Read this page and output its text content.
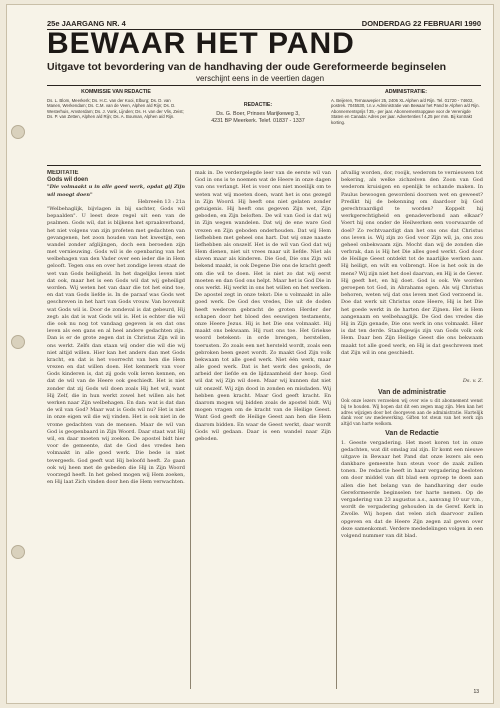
25e JAARGANG NR. 4	DONDERDAG 22 FEBRUARI 1990
BEWAAR HET PAND
Uitgave tot bevordering van de handhaving der oude Gereformeerde beginselen
verschijnt eens in de veertien dagen
KOMMISSIE VAN REDACTIE
Ds. L. Blom, Meerkerk; Ds. H.C. van der Kooi, Elburg; Ds. D. van Manen, Werkendam; Ds. C.M. van de Veen, Alphen a/d Rijn; Ds. D. Westerhuis, Amsterdam; Ds. J. Vonk, Lijnden; Ds. H. van der Vlis, Zeist; Ds. P. van Zetten, Alphen a/d Rijn; Ds. A. Bouman, Alphen a/d Rijn.
REDACTIE:
Ds. G. Boer, Prinses Marijkeweg 3,
4231 BP Meerkerk. Telef. 01837 - 1337
ADMINISTRATIE:
A. Beijeren, Ternauwepier 25, 2406 XL Alphen a/d Rijn. Tel. 01720 - 74602, postrek. 7045530, t.n.v. Administratie van Bewaar het Pand te Alphen a/d Rijn. Abonnementsprijs f 35,- per jaar. Abonnementsopgave voor de Verenigde Staten en Canada: Adres per jaar. Advertenties f 4,25 per mm. Bij kontrakt korting.
MEDITATIE
Gods wil doen

"Die volmaakt u in alle goed werk, opdat gij Zijn wil moogt doen"

Hebreeën 13 : 21a

"Welbehaglijk, bijvlagen in bij sachter, Gods wil bepaalden". U leest deze regel uit een van de psalmen. Gods wil, dat is blijkens het spraakverband, het niet volgens van zijn profeten met gedachten van gevangenen, het zoon houden van het kwestijn, een wandel zonder afglijingen, doch een beroeden zijn met vernieuwing. Gods wil is de openbaring van het welbehagen van den Vader over een ieder die in Hem gelooft. Tegen ons en over het zondige leven staat de wet van Gods heiligheid. In het dagelijks leven niet dat ook, maar het is een Gods wil dat wij geheiligd worden. Wij weten het van daar die tot het eind toe, en dat van Gods liefde is. In de paraaf was Gods wet geschreven in het hart van Gods vrouw. Van bovenuit wat Gods wil is. Door de zondeval is dat gebeurd, Hij zegt: als dat is wat Gods wil is. Het is echter die wil die ook nu nog tot vandaag gegeven is en dat ons leven als een gans en al heel andere gedachten zijn. Dan is er de grote zegen dat in Christus Zijn wil in ons werkt. Zelfs dan staan wij onder die wil die wij niet altijd willen. Hier kan het anders dan met Gods kracht, en dat is het voorrecht van hen die Hem vrezen en dat willen doen. Het kenmerk van voor Gods kinderen is, dat zij gods volk leren kennen, en dat de wil van de Heere ook geschiedt. Het is niet zonder dat zij Gods wil doen zoals Hij het wil, want Hij Zelf, die in hun werkt zowel het willen als het werken naar Zijn welbehagen. En dan: wat is dat dan de wil van God? Maar wat is Gods wil nu? Het is niet in onze eigen wil die wij vinden. Het is ook niet in de vrome gedachten van de mensen. Maar de wil van God is geopenbaard in Zijn Woord. Daar staat wat Hij wil, en daar moeten wij zoeken. De apostel bidt hier voor de gemeente, dat de God des vredes hen volmaakt in alle goed werk. Die bede is niet tevergeefs. God geeft wat Hij beloofd heeft. Zo gaan ook wij heen met de gebeden die Hij in Zijn Woord voorzegd heeft. In het gebed mogen wij Hem zoeken, en Hij laat Zich vinden door hen die Hem verwachten.

mak in. De verdergelegde leer van de eerste wil van God in ons is te noemen wat de Heere in onze dagen van ons verlangt. Het is voor ons niet moeilijk om te weten wat wij moeten doen, want het is ons gezegd in Zijn Woord. Hij heeft ons niet gelaten zonder getuigenis. Hij heeft ons gegeven Zijn wet, Zijn geboden, en Zijn beloften. De wil van God is dat wij in Zijn wegen wandelen. Dat wij de ene ware God vrezen en Zijn geboden onderhouden. Dat wij Hem liefhebben met geheel ons hart. Dat wij onze naaste liefhebben als onszelf. Het is de wil van God dat wij Hem dienen, niet uit vrees maar uit liefde. Niet als slaven maar als kinderen. Die God, Die ons Zijn wil bekend maakt, is ook Degene Die ons de kracht geeft om die wil te doen. Het is niet zo dat wij eerst moeten en dan God ons helpt. Maar het is God Die in ons werkt. Hij werkt in ons het willen en het werken. De apostel zegt in onze tekst: Die u volmaakt in alle goed werk. De God des vredes, Die uit de doden heeft wederom gebracht de groten Herder der schapen door het bloed des eeuwigen testaments, onze Heere Jezus. Hij is het Die ons volmaakt. Hij maakt ons bekwaam. Hij rust ons toe. Het Griekse woord betekent: in orde brengen, herstellen, toerusten. Zo zoals een net hersteld wordt, zoals een gebroken been gezet wordt. Zo maakt God Zijn volk bekwaam tot alle goed werk. Niet één werk, maar alle goed werk. Dat is het werk des geloofs, de arbeid der liefde en de lijdzaamheid der hoop. God wil dat wij Zijn wil doen. Maar wij kunnen dat niet uit onszelf. Wij zijn dood in zonden en misdaden. Wij hebben geen kracht. Maar God geeft kracht. En daarom mogen wij bidden zoals de apostel bidt. Wij mogen vragen om de kracht van de Heilige Geest. Want God geeft de Heilige Geest aan hen die Hem daarom bidden. En waar de Geest werkt, daar wordt Gods wil gedaan. Daar is een wandel naar Zijn geboden.

afvallig worden, dor, rooijk, wederom te vernieuwen tot bekering, als welke zichzelven den Zoon van God wederom kruisigen en openlijk te schande maken. In Paulus bewoogen gewordeni doorsen wet en geweest? Predikt hij de bekenning om daardoor bij God gerechtvaardigd te worden? Koppelt hij werkgerechtigheid en genadeverbond aan elkaar? Voert hij ons onder de Heilwerken een voorwaarde of doel? Zo rechtvaardigt dan het ons ons dat Christus ons leven is. Wij zijn zo God voor Zijn wil, ja, ons zou geheel onbekwaam zijn. Mocht dan wij de zonden die verbrak, dan is Hij het Die alles goed werkt. God door de Heilige Geest ontdekt tot de naarlijke werken aan. Hij heiligt, en wilt en volbrengt. Hoe is het ook in de mens? Wij zijn niet het doel daarvan, en Hij is de Gever. Hij geeft het, en hij doet. God is ook. We worden geroepen tot God, in Abrahams ogen. Als wij Christus behoren, weten wij dat ons leven met God verzoend is. Doe dat werk uit Christus onze Heere, Hij is het Die het goede werkt in de harten der Zijnen. Het is Hem aangenaam en welbehaaglijk. De God des vredes die Hij in Zijn genade, Die ons werk in ons volmaakt. Hier is dat ten derde. Staafsgewijs zijn van Gods volk ook Hem. Daar ben Zijn Heilige Geest die ons bekwaam maakt tot alle goed werk, en Hij is dat geschreven met dat Zijn wil in ons geschiedt.

Ds. v. Z.

Van de administratie

Ook onze lezers verzoeken wij over wie u dit abonnement wenst bij te houden. Wij hopen dat dit een zegen mag zijn. Men kan het adres wijzigen door het doorgeven aan de administratie. Hartelijk dank voor uw medewerking. Giften tot steun van het werk zijn altijd van harte welkom.

Van de Redactie

1. Geeste vergadering. Het moet koren tot in onze gedachten, wat dit omslag zal zijn. Er komt een nieuwe uitgave in Bewaar het Pand dat onze lezers als een dankbare gemeente hun steun voor de zaak zullen tonen. De redactie heeft in haar vergadering besloten om door middel van dit blad een oproep te doen aan allen die het belang van de handhaving der oude Gereformeerde beginselen ter harte nemen. Op de vergadering van 23 augustus a.s., aanvang 10 uur v.m., wordt de vergadering gehouden in de Geref. Kerk in Zwolle. Wij hopen dat velen zich daarvoor zullen opgeven en dat de Heere Zijn zegen zal geven over deze samenkomst. Verdere mededelingen volgen in een volgend nummer van dit blad.

13
